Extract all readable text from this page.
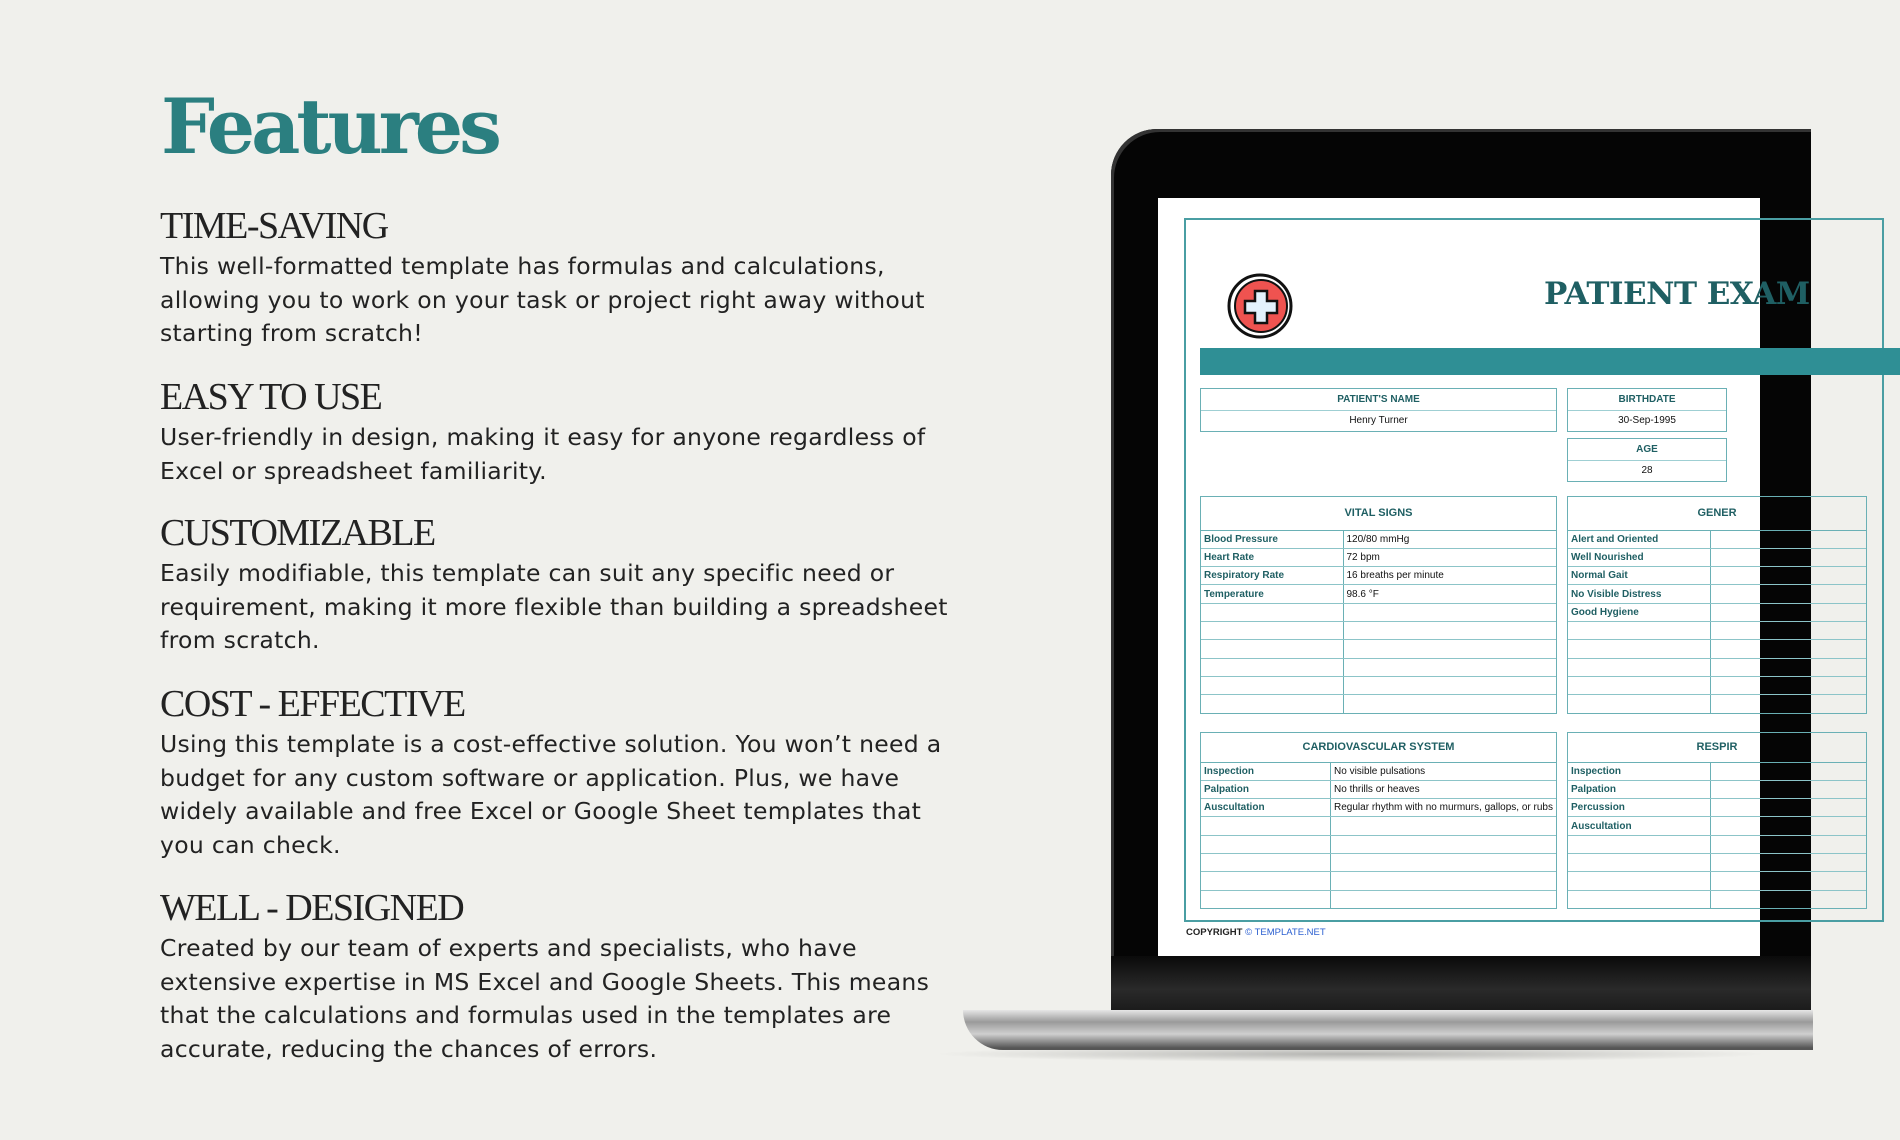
Features
TIME-SAVING

This well-formatted template has formulas and calculations, allowing you to work on your task or project right away without starting from scratch!

EASY TO USE

User-friendly in design, making it easy for anyone regardless of Excel or spreadsheet familiarity.

CUSTOMIZABLE

Easily modifiable, this template can suit any specific need or requirement, making it more flexible than building a spreadsheet from scratch.

COST - EFFECTIVE

Using this template is a cost-effective solution. You won’t need a budget for any custom software or application. Plus, we have widely available and free Excel or Google Sheet templates that you can check.

WELL - DESIGNED

Created by our team of experts and specialists, who have extensive expertise in MS Excel and Google Sheets. This means that the calculations and formulas used in the templates are accurate, reducing the chances of errors.

PATIENT EXAM
PATIENT'S NAME
Henry Turner
BIRTHDATE
30-Sep-1995
AGE
28
VITAL SIGNS
Blood Pressure	120/80 mmHg
Heart Rate	72 bpm
Respiratory Rate	16 breaths per minute
Temperature	98.6 °F

GENER
Alert and Oriented	
Well Nourished	
Normal Gait	
No Visible Distress	
Good Hygiene	

CARDIOVASCULAR SYSTEM
Inspection	No visible pulsations
Palpation	No thrills or heaves
Auscultation	Regular rhythm with no murmurs, gallops, or rubs

RESPIR
Inspection	
Palpation	
Percussion	
Auscultation	

COPYRIGHT © TEMPLATE.NET
